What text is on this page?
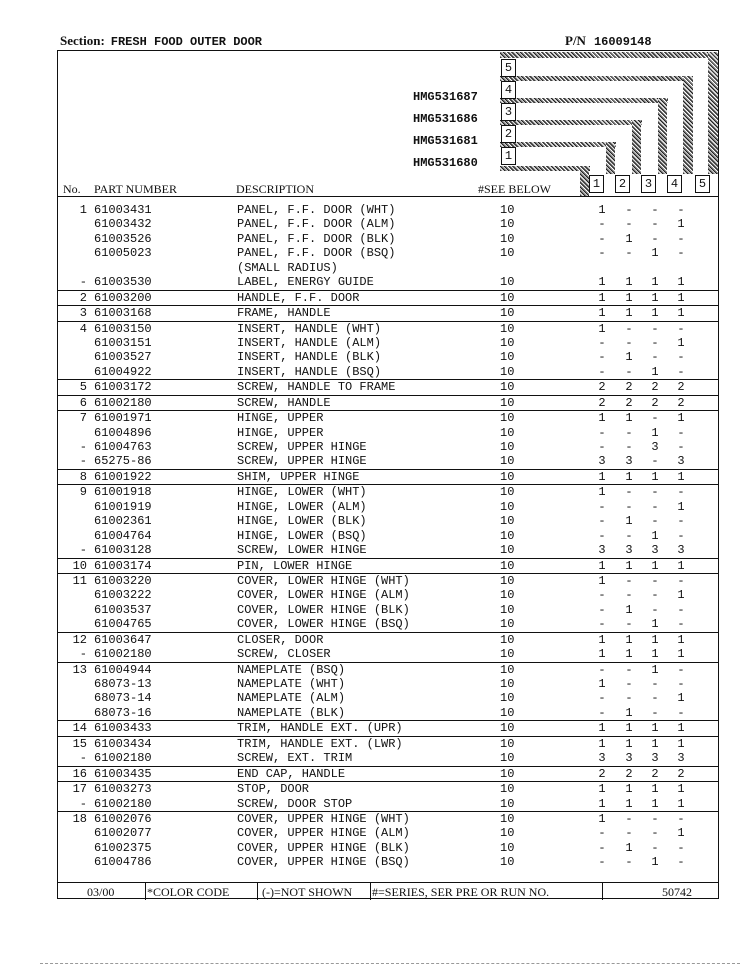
Section: FRESH FOOD OUTER DOOR	P/N 16009148
5
4
3
2
1
HMG531687
HMG531686
HMG531681
HMG531680
No. PART NUMBER	DESCRIPTION	#SEE BELOW	1	2	3	4	5
1 61003431	PANEL, F.F. DOOR (WHT)	10	1	-	-	-
61003432	PANEL, F.F. DOOR (ALM)	10	-	-	-	1
61003526	PANEL, F.F. DOOR (BLK)	10	-	1	-	-
61005023	PANEL, F.F. DOOR (BSQ)	10	-	-	1	-
(SMALL RADIUS)
- 61003530	LABEL, ENERGY GUIDE	10	1	1	1	1
2 61003200	HANDLE, F.F. DOOR	10	1	1	1	1
3 61003168	FRAME, HANDLE	10	1	1	1	1
4 61003150	INSERT, HANDLE (WHT)	10	1	-	-	-
61003151	INSERT, HANDLE (ALM)	10	-	-	-	1
61003527	INSERT, HANDLE (BLK)	10	-	1	-	-
61004922	INSERT, HANDLE (BSQ)	10	-	-	1	-
5 61003172	SCREW, HANDLE TO FRAME	10	2	2	2	2
6 61002180	SCREW, HANDLE	10	2	2	2	2
7 61001971	HINGE, UPPER	10	1	1	-	1
61004896	HINGE, UPPER	10	-	-	1	-
- 61004763	SCREW, UPPER HINGE	10	-	-	3	-
- 65275-86	SCREW, UPPER HINGE	10	3	3	-	3
8 61001922	SHIM, UPPER HINGE	10	1	1	1	1
9 61001918	HINGE, LOWER (WHT)	10	1	-	-	-
61001919	HINGE, LOWER (ALM)	10	-	-	-	1
61002361	HINGE, LOWER (BLK)	10	-	1	-	-
61004764	HINGE, LOWER (BSQ)	10	-	-	1	-
- 61003128	SCREW, LOWER HINGE	10	3	3	3	3
10 61003174	PIN, LOWER HINGE	10	1	1	1	1
11 61003220	COVER, LOWER HINGE (WHT)	10	1	-	-	-
61003222	COVER, LOWER HINGE (ALM)	10	-	-	-	1
61003537	COVER, LOWER HINGE (BLK)	10	-	1	-	-
61004765	COVER, LOWER HINGE (BSQ)	10	-	-	1	-
12 61003647	CLOSER, DOOR	10	1	1	1	1
- 61002180	SCREW, CLOSER	10	1	1	1	1
13 61004944	NAMEPLATE (BSQ)	10	-	-	1	-
68073-13	NAMEPLATE (WHT)	10	1	-	-	-
68073-14	NAMEPLATE (ALM)	10	-	-	-	1
68073-16	NAMEPLATE (BLK)	10	-	1	-	-
14 61003433	TRIM, HANDLE EXT. (UPR)	10	1	1	1	1
15 61003434	TRIM, HANDLE EXT. (LWR)	10	1	1	1	1
- 61002180	SCREW, EXT. TRIM	10	3	3	3	3
16 61003435	END CAP, HANDLE	10	2	2	2	2
17 61003273	STOP, DOOR	10	1	1	1	1
- 61002180	SCREW, DOOR STOP	10	1	1	1	1
18 61002076	COVER, UPPER HINGE (WHT)	10	1	-	-	-
61002077	COVER, UPPER HINGE (ALM)	10	-	-	-	1
61002375	COVER, UPPER HINGE (BLK)	10	-	1	-	-
61004786	COVER, UPPER HINGE (BSQ)	10	-	-	1	-
03/00	*COLOR CODE	(-)=NOT SHOWN #=SERIES, SER PRE OR RUN NO.	50742
